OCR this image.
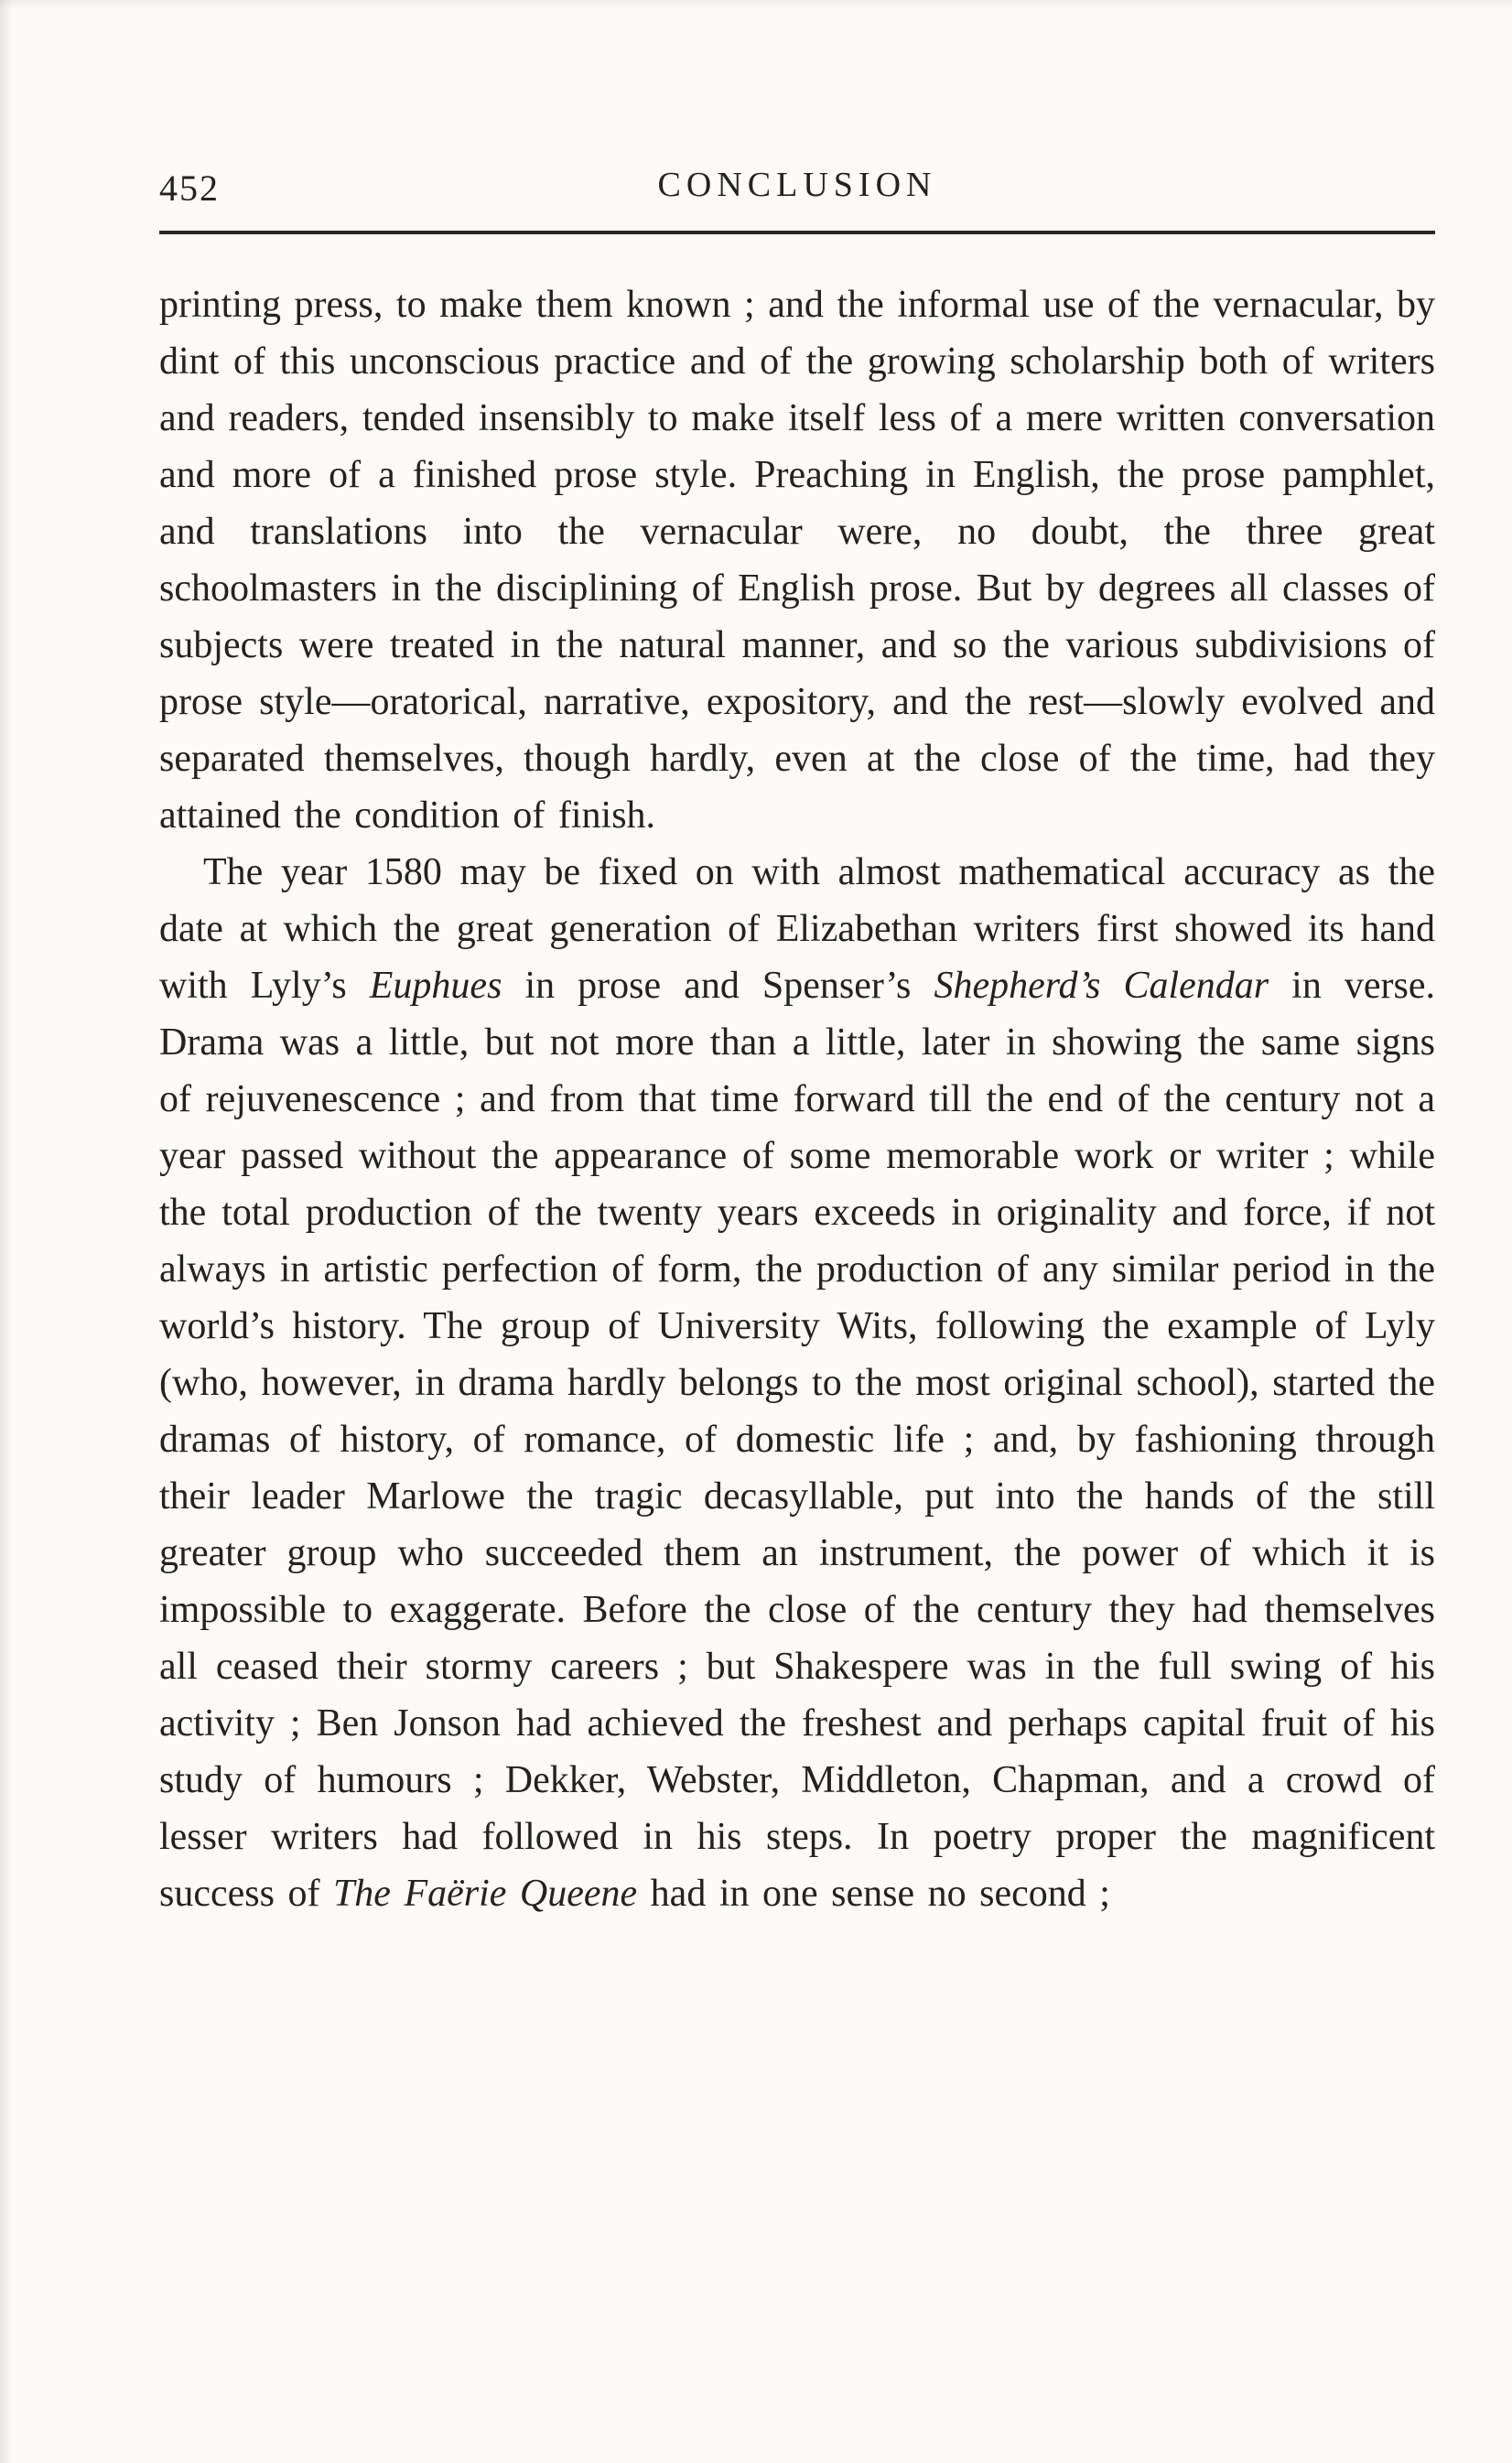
452	CONCLUSION

printing press, to make them known ; and the informal use of the vernacular, by dint of this unconscious practice and of the growing scholarship both of writers and readers, tended insensibly to make itself less of a mere written conversation and more of a finished prose style. Preaching in English, the prose pamphlet, and translations into the vernacular were, no doubt, the three great schoolmasters in the disciplining of English prose. But by degrees all classes of subjects were treated in the natural manner, and so the various subdivisions of prose style—oratorical, narrative, expository, and the rest—slowly evolved and separated themselves, though hardly, even at the close of the time, had they attained the condition of finish.

The year 1580 may be fixed on with almost mathematical accuracy as the date at which the great generation of Elizabethan writers first showed its hand with Lyly’s Euphues in prose and Spenser’s Shepherd’s Calendar in verse. Drama was a little, but not more than a little, later in showing the same signs of rejuvenescence ; and from that time forward till the end of the century not a year passed without the appearance of some memorable work or writer ; while the total production of the twenty years exceeds in originality and force, if not always in artistic perfection of form, the production of any similar period in the world’s history. The group of University Wits, following the example of Lyly (who, however, in drama hardly belongs to the most original school), started the dramas of history, of romance, of domestic life ; and, by fashioning through their leader Marlowe the tragic decasyllable, put into the hands of the still greater group who succeeded them an instrument, the power of which it is impossible to exaggerate. Before the close of the century they had themselves all ceased their stormy careers ; but Shakespere was in the full swing of his activity ; Ben Jonson had achieved the freshest and perhaps capital fruit of his study of humours ; Dekker, Webster, Middleton, Chapman, and a crowd of lesser writers had followed in his steps. In poetry proper the magnificent success of The Faërie Queene had in one sense no second ;
